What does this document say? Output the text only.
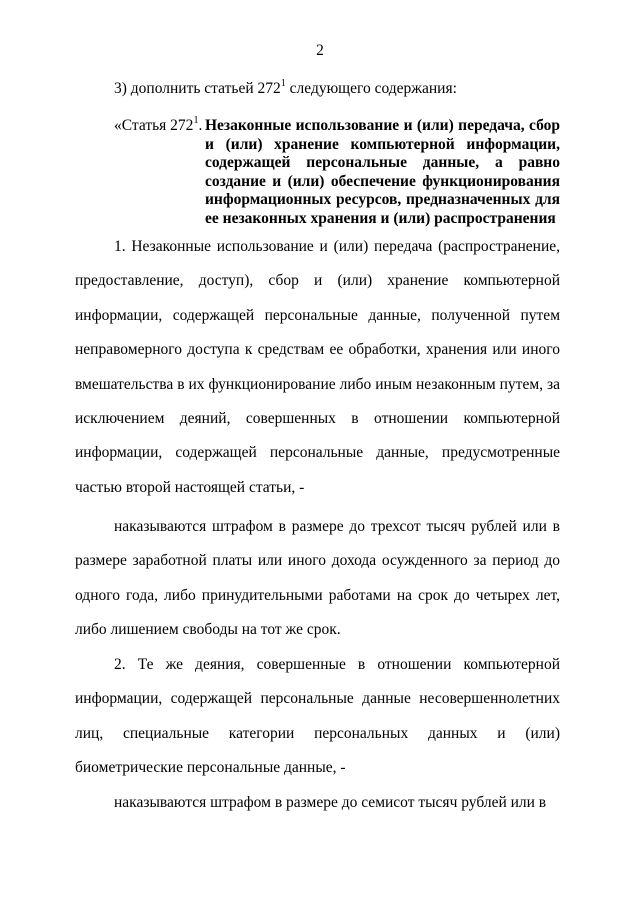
2
3) дополнить статьей $272^1$ следующего содержания:
«Статья $272^1$. Незаконные использование и (или) передача, сбор и (или) хранение компьютерной информации, содержащей персональные данные, а равно создание и (или) обеспечение функционирования информационных ресурсов, предназначенных для ее незаконных хранения и (или) распространения
1. Незаконные использование и (или) передача (распространение, предоставление, доступ), сбор и (или) хранение компьютерной информации, содержащей персональные данные, полученной путем неправомерного доступа к средствам ее обработки, хранения или иного вмешательства в их функционирование либо иным незаконным путем, за исключением деяний, совершенных в отношении компьютерной информации, содержащей персональные данные, предусмотренные частью второй настоящей статьи, -
наказываются штрафом в размере до трехсот тысяч рублей или в размере заработной платы или иного дохода осужденного за период до одного года, либо принудительными работами на срок до четырех лет, либо лишением свободы на тот же срок.
2. Те же деяния, совершенные в отношении компьютерной информации, содержащей персональные данные несовершеннолетних лиц, специальные категории персональных данных и (или) биометрические персональные данные, -
наказываются штрафом в размере до семисот тысяч рублей или в
